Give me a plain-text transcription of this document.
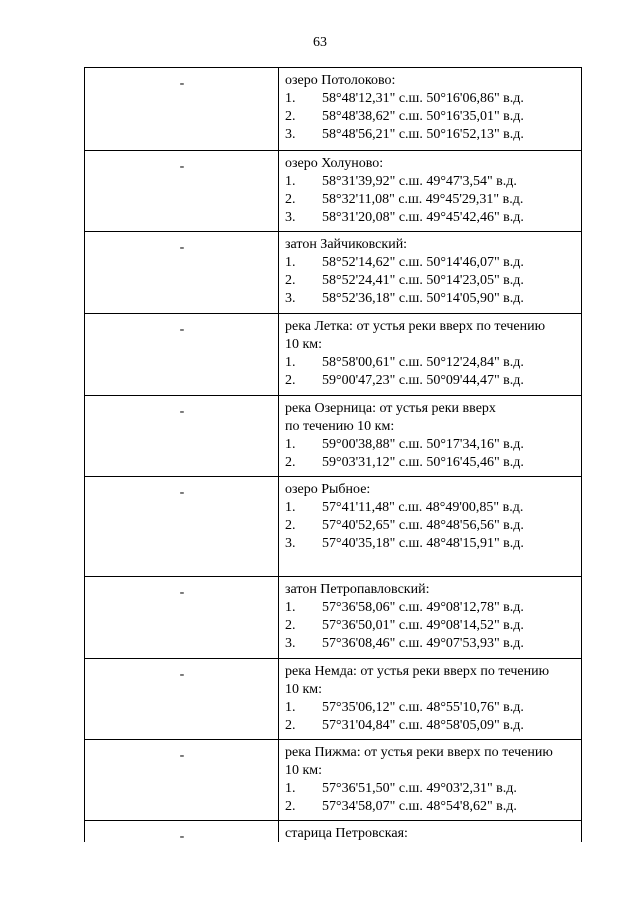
63
-	озеро Потолоково:
1. 58°48'12,31" с.ш. 50°16'06,86" в.д.
2. 58°48'38,62" с.ш. 50°16'35,01" в.д.
3. 58°48'56,21" с.ш. 50°16'52,13" в.д.
-	озеро Холуново:
1. 58°31'39,92" с.ш. 49°47'3,54" в.д.
2. 58°32'11,08" с.ш. 49°45'29,31" в.д.
3. 58°31'20,08" с.ш. 49°45'42,46" в.д.
-	затон Зайчиковский:
1. 58°52'14,62" с.ш. 50°14'46,07" в.д.
2. 58°52'24,41" с.ш. 50°14'23,05" в.д.
3. 58°52'36,18" с.ш. 50°14'05,90" в.д.
-	река Летка: от устья реки вверх по течению
10 км:
1. 58°58'00,61" с.ш. 50°12'24,84" в.д.
2. 59°00'47,23" с.ш. 50°09'44,47" в.д.
-	река Озерница: от устья реки вверх
по течению 10 км:
1. 59°00'38,88" с.ш. 50°17'34,16" в.д.
2. 59°03'31,12" с.ш. 50°16'45,46" в.д.
-	озеро Рыбное:
1. 57°41'11,48" с.ш. 48°49'00,85" в.д.
2. 57°40'52,65" с.ш. 48°48'56,56" в.д.
3. 57°40'35,18" с.ш. 48°48'15,91" в.д.
-	затон Петропавловский:
1. 57°36'58,06" с.ш. 49°08'12,78" в.д.
2. 57°36'50,01" с.ш. 49°08'14,52" в.д.
3. 57°36'08,46" с.ш. 49°07'53,93" в.д.
-	река Немда: от устья реки вверх по течению
10 км:
1. 57°35'06,12" с.ш. 48°55'10,76" в.д.
2. 57°31'04,84" с.ш. 48°58'05,09" в.д.
-	река Пижма: от устья реки вверх по течению
10 км:
1. 57°36'51,50" с.ш. 49°03'2,31" в.д.
2. 57°34'58,07" с.ш. 48°54'8,62" в.д.
-	старица Петровская:
